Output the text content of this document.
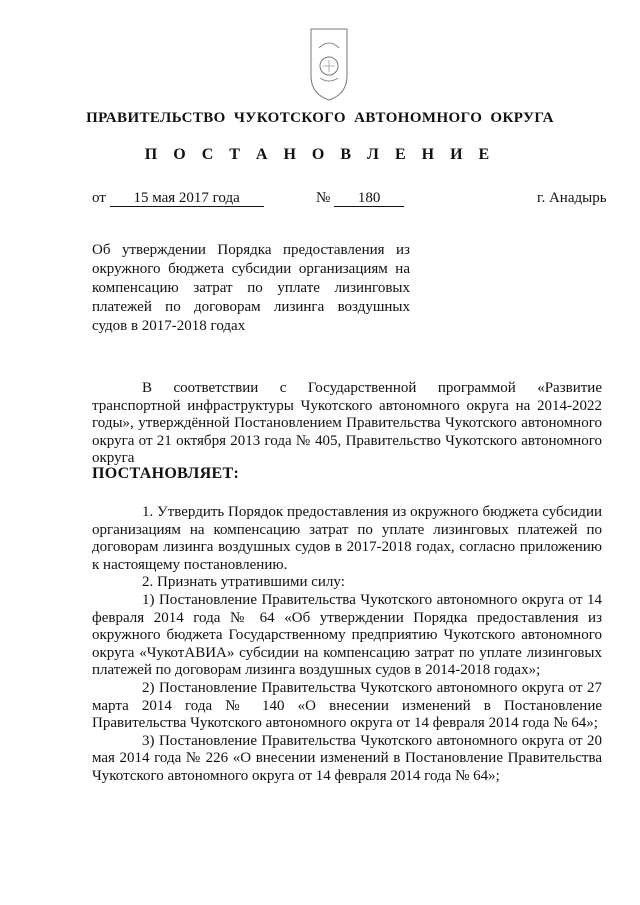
ПРАВИТЕЛЬСТВО ЧУКОТСКОГО АВТОНОМНОГО ОКРУГА
П О С Т А Н О В Л Е Н И Е
от 15 мая 2017 года	№ 180	г. Анадырь
Об утверждении Порядка предоставления из окружного бюджета субсидии организациям на компенсацию затрат по уплате лизинговых платежей по договорам лизинга воздушных судов в 2017-2018 годах

В соответствии с Государственной программой «Развитие транспортной инфраструктуры Чукотского автономного округа на 2014-2022 годы», утверждённой Постановлением Правительства Чукотского автономного округа от 21 октября 2013 года № 405, Правительство Чукотского автономного округа

ПОСТАНОВЛЯЕТ:

1. Утвердить Порядок предоставления из окружного бюджета субсидии организациям на компенсацию затрат по уплате лизинговых платежей по договорам лизинга воздушных судов в 2017-2018 годах, согласно приложению к настоящему постановлению.

2. Признать утратившими силу:

1) Постановление Правительства Чукотского автономного округа от 14 февраля 2014 года № 64 «Об утверждении Порядка предоставления из окружного бюджета Государственному предприятию Чукотского автономного округа «ЧукотАВИА» субсидии на компенсацию затрат по уплате лизинговых платежей по договорам лизинга воздушных судов в 2014-2018 годах»;

2) Постановление Правительства Чукотского автономного округа от 27 марта 2014 года № 140 «О внесении изменений в Постановление Правительства Чукотского автономного округа от 14 февраля 2014 года № 64»;

3) Постановление Правительства Чукотского автономного округа от 20 мая 2014 года № 226 «О внесении изменений в Постановление Правительства Чукотского автономного округа от 14 февраля 2014 года № 64»;
